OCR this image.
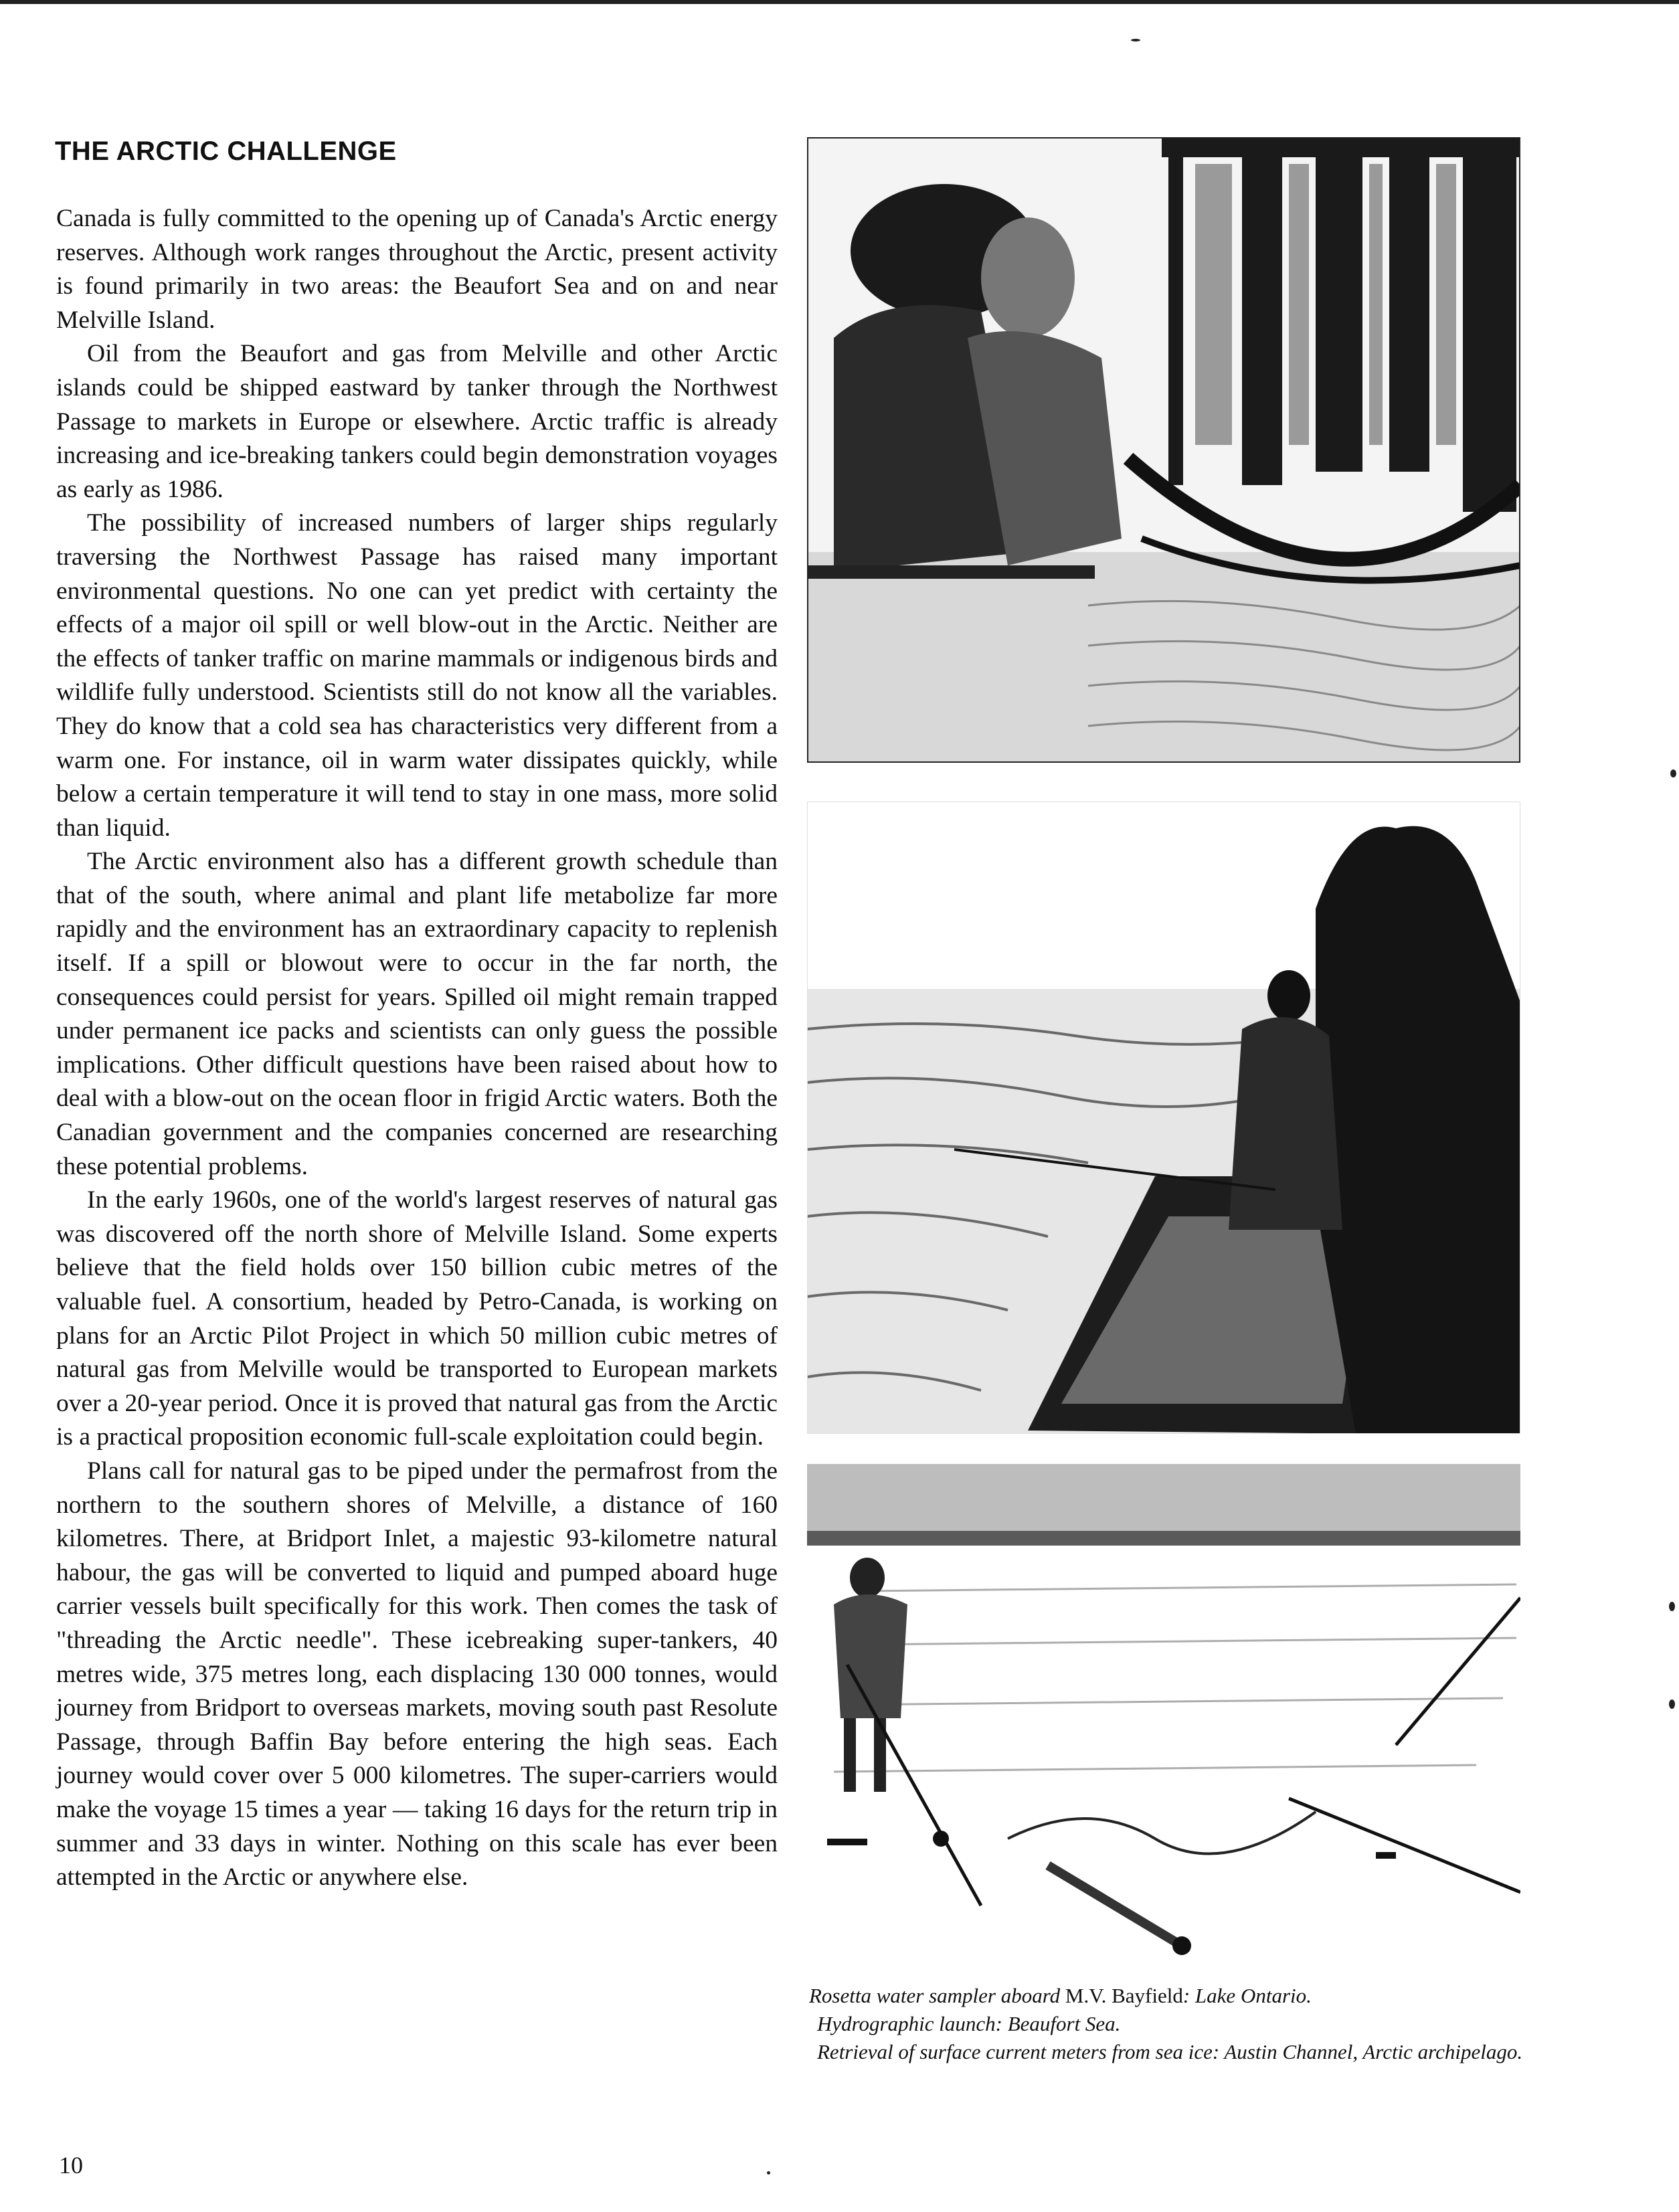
THE ARCTIC CHALLENGE

Canada is fully committed to the opening up of Canada's Arctic energy reserves. Although work ranges throughout the Arctic, present activity is found primarily in two areas: the Beaufort Sea and on and near Melville Island.

Oil from the Beaufort and gas from Melville and other Arctic islands could be shipped eastward by tanker through the Northwest Passage to markets in Europe or elsewhere. Arctic traffic is already increasing and ice-breaking tankers could begin demonstration voyages as early as 1986.

The possibility of increased numbers of larger ships regularly traversing the Northwest Passage has raised many important environmental questions. No one can yet predict with certainty the effects of a major oil spill or well blow-out in the Arctic. Neither are the effects of tanker traffic on marine mammals or indigenous birds and wildlife fully understood. Scientists still do not know all the variables. They do know that a cold sea has characteristics very different from a warm one. For instance, oil in warm water dissipates quickly, while below a certain temperature it will tend to stay in one mass, more solid than liquid.

The Arctic environment also has a different growth schedule than that of the south, where animal and plant life metabolize far more rapidly and the environment has an extraordinary capacity to replenish itself. If a spill or blowout were to occur in the far north, the consequences could persist for years. Spilled oil might remain trapped under permanent ice packs and scientists can only guess the possible implications. Other difficult questions have been raised about how to deal with a blow-out on the ocean floor in frigid Arctic waters. Both the Canadian government and the companies concerned are researching these potential problems.

In the early 1960s, one of the world's largest reserves of natural gas was discovered off the north shore of Melville Island. Some experts believe that the field holds over 150 billion cubic metres of the valuable fuel. A consortium, headed by Petro-Canada, is working on plans for an Arctic Pilot Project in which 50 million cubic metres of natural gas from Melville would be transported to European markets over a 20-year period. Once it is proved that natural gas from the Arctic is a practical proposition economic full-scale exploitation could begin.

Plans call for natural gas to be piped under the permafrost from the northern to the southern shores of Melville, a distance of 160 kilometres. There, at Bridport Inlet, a majestic 93-kilometre natural habour, the gas will be converted to liquid and pumped aboard huge carrier vessels built specifically for this work. Then comes the task of "threading the Arctic needle". These icebreaking super-tankers, 40 metres wide, 375 metres long, each displacing 130 000 tonnes, would journey from Bridport to overseas markets, moving south past Resolute Passage, through Baffin Bay before entering the high seas. Each journey would cover over 5 000 kilometres. The super-carriers would make the voyage 15 times a year — taking 16 days for the return trip in summer and 33 days in winter. Nothing on this scale has ever been attempted in the Arctic or anywhere else.

Rosetta water sampler aboard M.V. Bayfield: Lake Ontario.

Hydrographic launch: Beaufort Sea.

Retrieval of surface current meters from sea ice: Austin Channel, Arctic archipelago.

10
